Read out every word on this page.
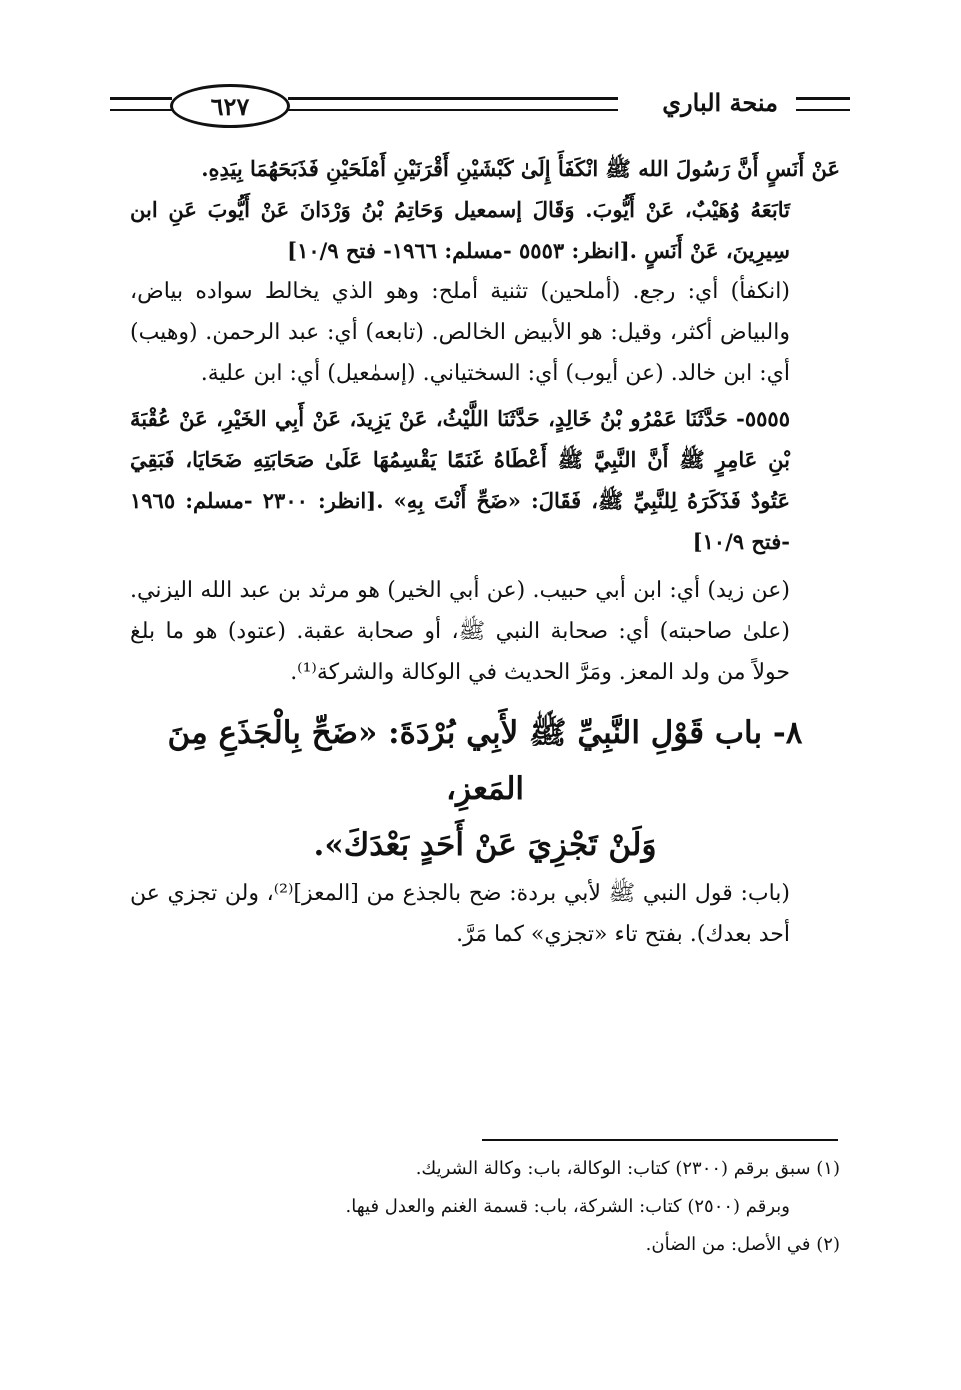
٦٢٧	منحة الباري

عَنْ أَنَسٍ أَنَّ رَسُولَ الله ﷺ انْكَفَأَ إِلَىٰ كَبْشَيْنِ أَقْرَنَيْنِ أَمْلَحَيْنِ فَذَبَحَهُمَا بِيَدِهِ.

تَابَعَهُ وُهَيْبٌ، عَنْ أَيُّوبَ. وَقَالَ إسمعيل وَحَاتِمُ بْنُ وَرْدَانَ عَنْ أَيُّوبَ عَنِ ابن سِيرِينَ، عَنْ أَنَسٍ .[انظر: ٥٥٥٣ -مسلم: ١٩٦٦- فتح ١٠/٩]

(انكفأ) أي: رجع. (أملحين) تثنية أملح: وهو الذي يخالط سواده بياض، والبياض أكثر، وقيل: هو الأبيض الخالص. (تابعه) أي: عبد الرحمن. (وهيب) أي: ابن خالد. (عن أيوب) أي: السختياني. (إسمٰعيل) أي: ابن علية.

٥٥٥٥- حَدَّثَنَا عَمْرُو بْنُ خَالِدٍ، حَدَّثَنَا اللَّيْثُ، عَنْ يَزِيدَ، عَنْ أَبِي الخَيْرِ، عَنْ عُقْبَةَ بْنِ عَامِرٍ ﷺ أَنَّ النَّبِيَّ ﷺ أَعْطَاهُ غَنَمًا يَقْسِمُهَا عَلَىٰ صَحَابَتِهِ ضَحَايَا، فَبَقِيَ عَتُودٌ فَذَكَرَهُ لِلنَّبِيِّ ﷺ، فَقَالَ: «ضَحِّ أَنْتَ بِهِ» .[انظر: ٢٣٠٠ -مسلم: ١٩٦٥ -فتح ١٠/٩]

(عن زيد) أي: ابن أبي حبيب. (عن أبي الخير) هو مرثد بن عبد الله اليزني. (علىٰ صاحبته) أي: صحابة النبي ﷺ، أو صحابة عقبة. (عتود) هو ما بلغ حولاً من ولد المعز. ومَرَّ الحديث في الوكالة والشركة⁽¹⁾.

٨- باب قَوْلِ النَّبِيِّ ﷺ لأَبِي بُرْدَةَ: «ضَحِّ بِالْجَذَعِ مِنَ المَعزِ،
وَلَنْ تَجْزِيَ عَنْ أَحَدٍ بَعْدَكَ».

(باب: قول النبي ﷺ لأبي بردة: ضح بالجذع من [المعز]⁽²⁾، ولن تجزي عن أحد بعدك). بفتح تاء «تجزي» كما مَرَّ.

(١) سبق برقم (٢٣٠٠) كتاب: الوكالة، باب: وكالة الشريك.

وبرقم (٢٥٠٠) كتاب: الشركة، باب: قسمة الغنم والعدل فيها.

(٢) في الأصل: من الضأن.
